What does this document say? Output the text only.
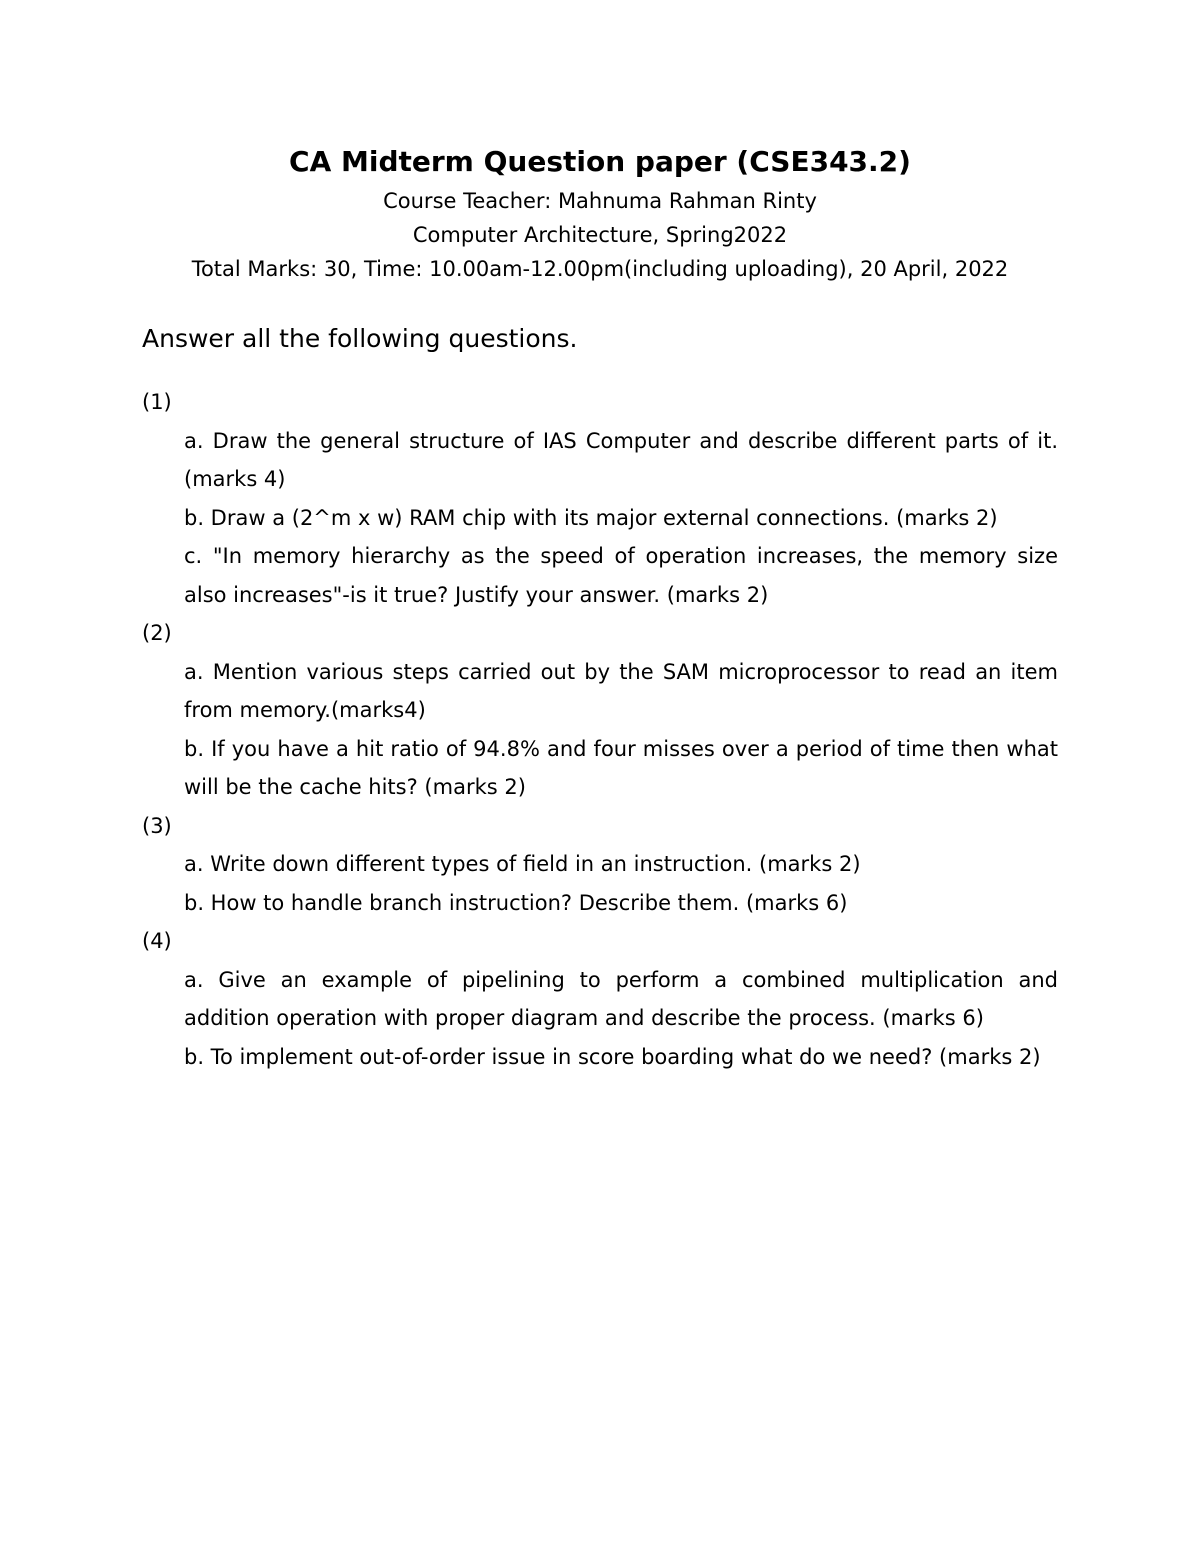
CA Midterm Question paper (CSE343.2)

Course Teacher: Mahnuma Rahman Rinty

Computer Architecture, Spring2022

Total Marks: 30, Time: 10.00am-12.00pm(including uploading), 20 April, 2022

Answer all the following questions.

(1)

a. Draw the general structure of IAS Computer and describe different parts of it. (marks 4)

b. Draw a (2^m x w) RAM chip with its major external connections. (marks 2)

c. "In memory hierarchy as the speed of operation increases, the memory size also increases"-is it true? Justify your answer. (marks 2)

(2)

a. Mention various steps carried out by the SAM microprocessor to read an item from memory.(marks4)

b. If you have a hit ratio of 94.8% and four misses over a period of time then what will be the cache hits? (marks 2)

(3)

a. Write down different types of field in an instruction. (marks 2)

b. How to handle branch instruction? Describe them. (marks 6)

(4)

a. Give an example of pipelining to perform a combined multiplication and addition operation with proper diagram and describe the process. (marks 6)

b. To implement out-of-order issue in score boarding what do we need? (marks 2)
